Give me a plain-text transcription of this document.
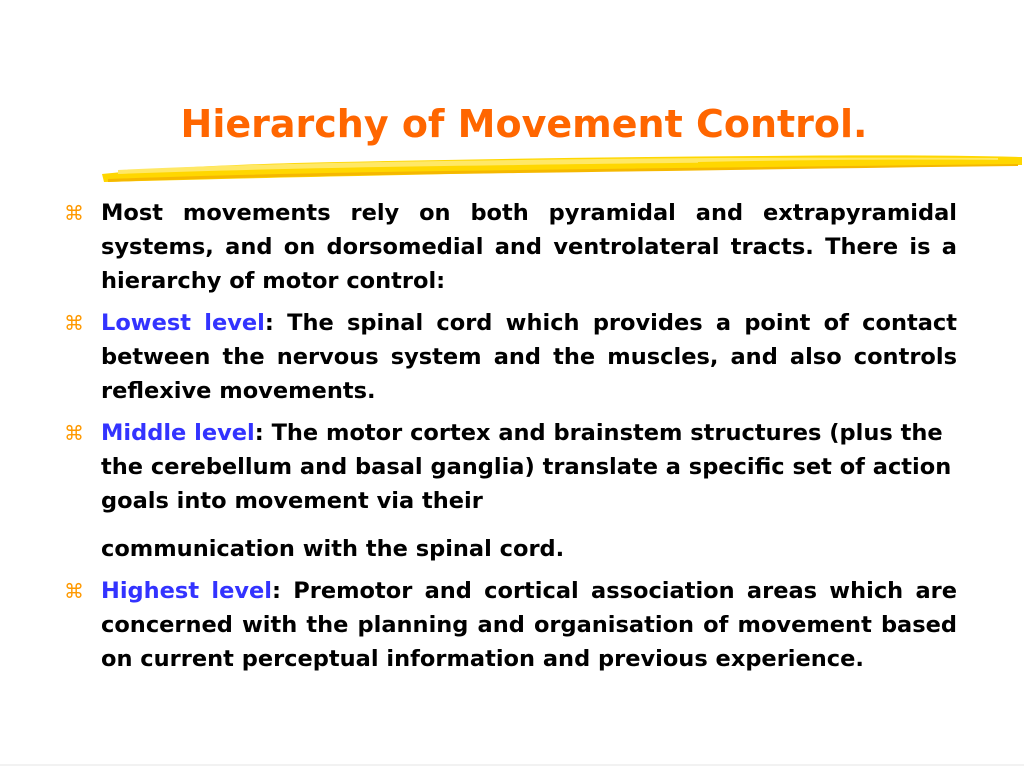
Hierarchy of Movement Control.
⌘ Most movements rely on both pyramidal and extrapyramidal systems, and on dorsomedial and ventrolateral tracts. There is a hierarchy of motor control:
⌘ Lowest level: The spinal cord which provides a point of contact between the nervous system and the muscles, and also controls reflexive movements.
⌘ Middle level: The motor cortex and brainstem structures (plus the the cerebellum and basal ganglia) translate a specific set of action goals into movement via their
communication with the spinal cord.
⌘ Highest level: Premotor and cortical association areas which are concerned with the planning and organisation of movement based on current perceptual information and previous experience.
